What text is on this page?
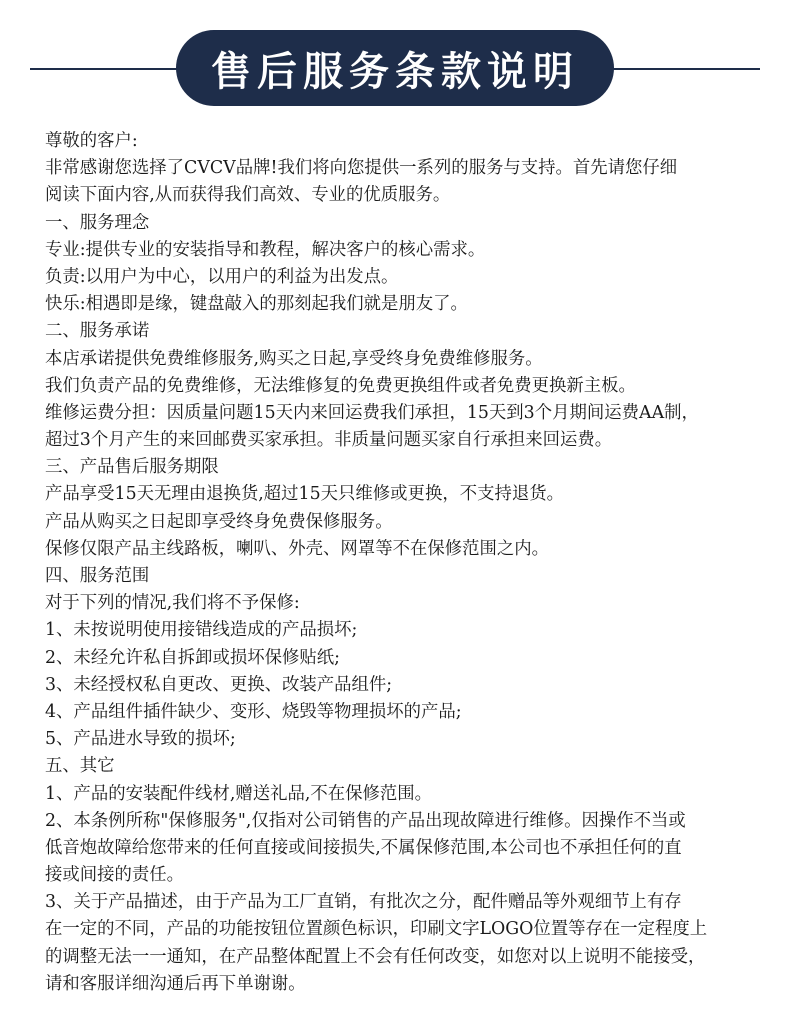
售后服务条款说明
尊敬的客户:
非常感谢您选择了CVCV品牌!我们将向您提供一系列的服务与支持。首先请您仔细
阅读下面内容,从而获得我们高效、专业的优质服务。
一、服务理念
专业:提供专业的安装指导和教程，解决客户的核心需求。
负责:以用户为中心，以用户的利益为出发点。
快乐:相遇即是缘，键盘敲入的那刻起我们就是朋友了。
二、服务承诺
本店承诺提供免费维修服务,购买之日起,享受终身免费维修服务。
我们负责产品的免费维修，无法维修复的免费更换组件或者免费更换新主板。
维修运费分担：因质量问题15天内来回运费我们承担，15天到3个月期间运费AA制，
超过3个月产生的来回邮费买家承担。非质量问题买家自行承担来回运费。
三、产品售后服务期限
产品享受15天无理由退换货,超过15天只维修或更换，不支持退货。
产品从购买之日起即享受终身免费保修服务。
保修仅限产品主线路板，喇叭、外壳、网罩等不在保修范围之内。
四、服务范围
对于下列的情况,我们将不予保修:
1、未按说明使用接错线造成的产品损坏;
2、未经允许私自拆卸或损坏保修贴纸;
3、未经授权私自更改、更换、改装产品组件;
4、产品组件插件缺少、变形、烧毁等物理损坏的产品;
5、产品进水导致的损坏;
五、其它
1、产品的安装配件线材,赠送礼品,不在保修范围。
2、本条例所称"保修服务",仅指对公司销售的产品出现故障进行维修。因操作不当或
低音炮故障给您带来的任何直接或间接损失,不属保修范围,本公司也不承担任何的直
接或间接的责任。
3、关于产品描述，由于产品为工厂直销，有批次之分，配件赠品等外观细节上有存
在一定的不同，产品的功能按钮位置颜色标识，印刷文字LOGO位置等存在一定程度上
的调整无法一一通知，在产品整体配置上不会有任何改变，如您对以上说明不能接受，
请和客服详细沟通后再下单谢谢。
